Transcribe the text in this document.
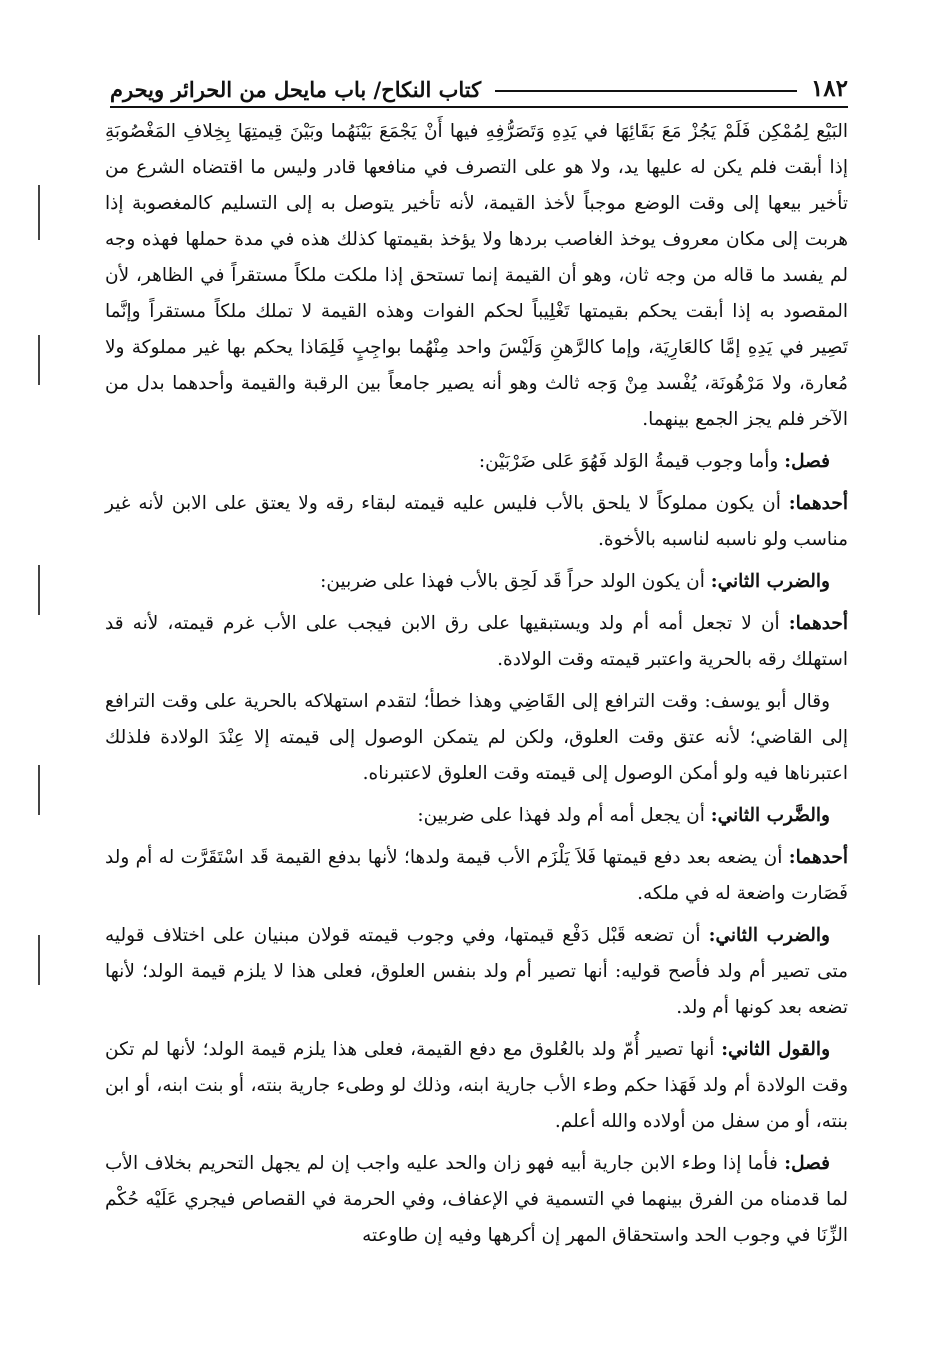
١٨٢
كتاب النكاح/ باب مايحل من الحرائر ويحرم

البَيْع لِمُمْكِن فَلَمْ يَجُزْ مَعَ بَقَائِهَا في يَدِهِ وَتَصَرُّفِهِ فيها أَنْ يَجْمَعَ بَيْنَهُما وبَيْنَ قِيمتِهَا بِخِلافِ المَغْصُوبَةِ إذا أبقت فلم يكن له عليها يد، ولا هو على التصرف في منافعها قادر وليس ما اقتضاه الشرع من تأخير بيعها إلى وقت الوضع موجباً لأخذ القيمة، لأنه تأخير يتوصل به إلى التسليم كالمغصوبة إذا هربت إلى مكان معروف يوخذ الغاصب بردها ولا يؤخذ بقيمتها كذلك هذه في مدة حملها فهذه وجه لم يفسد ما قاله من وجه ثان، وهو أن القيمة إنما تستحق إذا ملكت ملكاً مستقراً في الظاهر، لأن المقصود به إذا أبقت يحكم بقيمتها تَغْلِيباً لحكم الفوات وهذه القيمة لا تملك ملكاً مستقراً وإنَّما تَصِير في يَدِهِ إمَّا كالعَارِيَة، وإما كالرَّهنِ وَلَيْسَ واحد مِنْهُما بواجِبٍ فَلِمَاذا يحكم بها غير مملوكة ولا مُعارة، ولا مَرْهُونَة، يُفْسد مِنْ وَجه ثالث وهو أنه يصير جامعاً بين الرقبة والقيمة وأحدهما بدل من الآخر فلم يجز الجمع بينهما.

فصل: وأما وجوب قيمةُ الوَلد فَهُوَ عَلى ضَرْبَيْن:

أحدهما: أن يكون مملوكاً لا يلحق بالأب فليس عليه قيمته لبقاء رقه ولا يعتق على الابن لأنه غير مناسب ولو ناسبه لناسبه بالأخوة.

والضرب الثاني: أن يكون الولد حراً قَد لَحِق بالأب فهذا على ضربين:

أحدهما: أن لا تجعل أمه أم ولد ويستبقيها على رق الابن فيجب على الأب غرم قيمته، لأنه قد استهلك رقه بالحرية واعتبر قيمته وقت الولادة.

وقال أبو يوسف: وقت الترافع إلى القَاضِي وهذا خطأ؛ لتقدم استهلاكه بالحرية على وقت الترافع إلى القاضي؛ لأنه عتق وقت العلوق، ولكن لم يتمكن الوصول إلى قيمته إلا عِنْدَ الولادة فلذلك اعتبرناها فيه ولو أمكن الوصول إلى قيمته وقت العلوق لاعتبرناه.

والضَّرب الثاني: أن يجعل أمه أم ولد فهذا على ضربين:

أحدهما: أن يضعه بعد دفع قيمتها فَلاَ يَلْزَم الأب قيمة ولدها؛ لأنها بدفع القيمة قَد اسْتَقَرَّت له أم ولد فَصَارت واضعة له في ملكه.

والضرب الثاني: أن تضعه قَبْل دَفْع قيمتها، وفي وجوب قيمته قولان مبنيان على اختلاف قوليه متى تصير أم ولد فأصح قوليه: أنها تصير أم ولد بنفس العلوق، فعلى هذا لا يلزم قيمة الولد؛ لأنها تضعه بعد كونها أم ولد.

والقول الثاني: أنها تصير أُمّ ولد بالعُلوق مع دفع القيمة، فعلى هذا يلزم قيمة الولد؛ لأنها لم تكن وقت الولادة أم ولد فَهَذا حكم وطء الأب جارية ابنه، وذلك لو وطىء جارية بنته، أو بنت ابنه، أو ابن بنته، أو من سفل من أولاده والله أعلم.

فصل: فأما إذا وطء الابن جارية أبيه فهو زان والحد عليه واجب إن لم يجهل التحريم بخلاف الأب لما قدمناه من الفرق بينهما في التسمية في الإعفاف، وفي الحرمة في القصاص فيجري عَلَيْه حُكْم الزِّنَا في وجوب الحد واستحقاق المهر إن أكرهها وفيه إن طاوعته
